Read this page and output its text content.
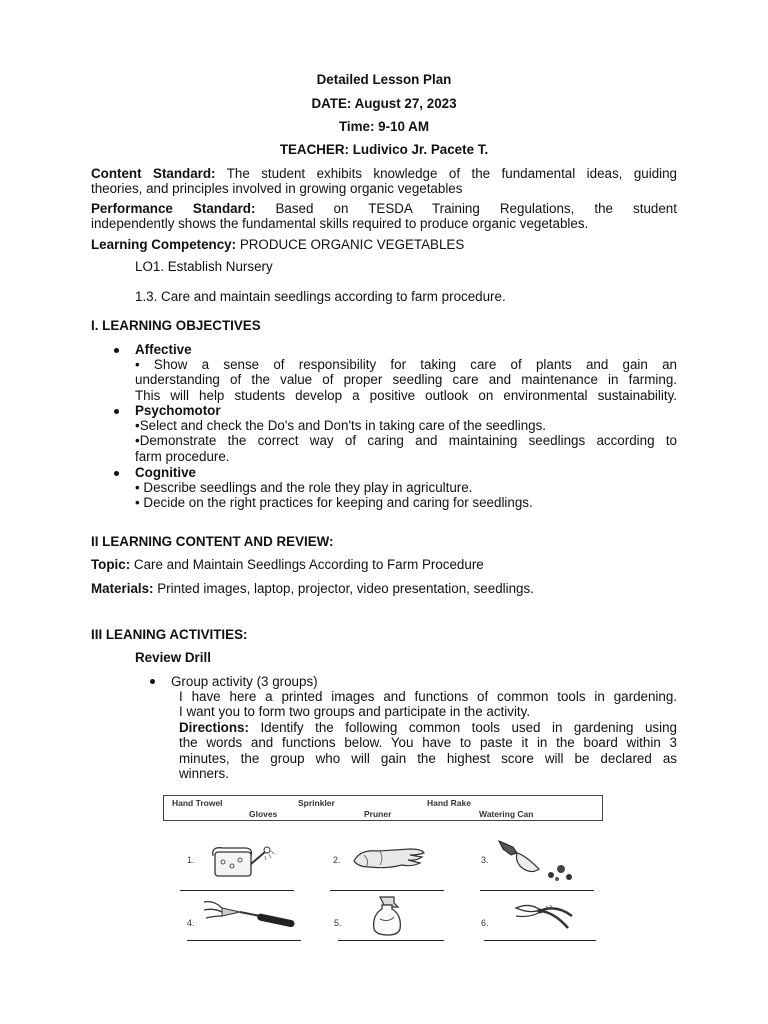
Detailed Lesson Plan
DATE: August 27, 2023
Time: 9-10 AM
TEACHER: Ludivico Jr. Pacete T.
Content Standard: The student exhibits knowledge of the fundamental ideas, guiding
theories, and principles involved in growing organic vegetables
Performance Standard: Based on TESDA Training Regulations, the student
independently shows the fundamental skills required to produce organic vegetables.
Learning Competency: PRODUCE ORGANIC VEGETABLES
LO1. Establish Nursery
1.3. Care and maintain seedlings according to farm procedure.
I. LEARNING OBJECTIVES
Affective
• Show a sense of responsibility for taking care of plants and gain an
understanding of the value of proper seedling care and maintenance in farming.
This will help students develop a positive outlook on environmental sustainability.
Psychomotor
•Select and check the Do's and Don'ts in taking care of the seedlings.
•Demonstrate the correct way of caring and maintaining seedlings according to
farm procedure.
Cognitive
• Describe seedlings and the role they play in agriculture.
• Decide on the right practices for keeping and caring for seedlings.
II LEARNING CONTENT AND REVIEW:
Topic: Care and Maintain Seedlings According to Farm Procedure
Materials: Printed images, laptop, projector, video presentation, seedlings.
III LEANING ACTIVITIES:
Review Drill
Group activity (3 groups)
I have here a printed images and functions of common tools in gardening.
I want you to form two groups and participate in the activity.
Directions: Identify the following common tools used in gardening using
the words and functions below. You have to paste it in the board within 3
minutes, the group who will gain the highest score will be declared as
winners.
Hand Trowel	Sprinkler	Hand Rake
Gloves	Pruner	Watering Can
1.	2.	3.
4.	5.	6.
